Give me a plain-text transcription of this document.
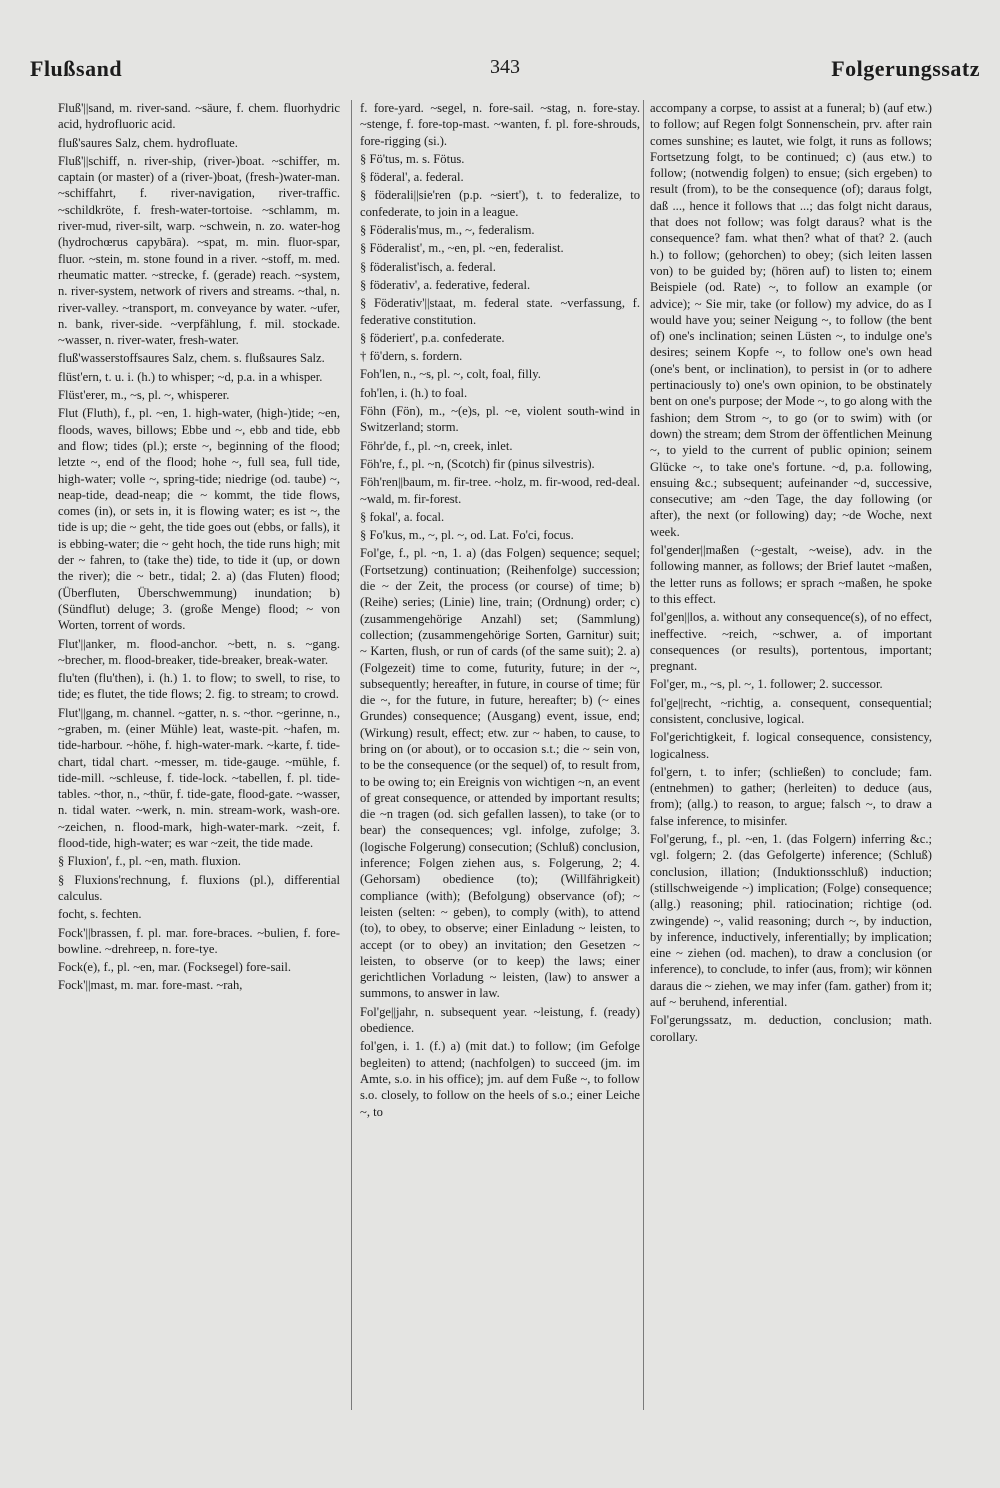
Flußsand	343	Folgerungssatz

Fluß'||sand, m. river-sand. ~säure, f. chem. fluorhydric acid, hydrofluoric acid.

fluß'saures Salz, chem. hydrofluate.

Fluß'||schiff, n. river-ship, (river-)boat. ~schiffer, m. captain (or master) of a (river-)boat, (fresh-)water-man. ~schiffahrt, f. river-navigation, river-traffic. ~schildkröte, f. fresh-water-tortoise. ~schlamm, m. river-mud, river-silt, warp. ~schwein, n. zo. water-hog (hydrochœrus capybāra). ~spat, m. min. fluor-spar, fluor. ~stein, m. stone found in a river. ~stoff, m. med. rheumatic matter. ~strecke, f. (gerade) reach. ~system, n. river-system, network of rivers and streams. ~thal, n. river-valley. ~transport, m. conveyance by water. ~ufer, n. bank, river-side. ~verpfählung, f. mil. stockade. ~wasser, n. river-water, fresh-water.

fluß'wasserstoffsaures Salz, chem. s. flußsaures Salz.

flüst'ern, t. u. i. (h.) to whisper; ~d, p.a. in a whisper.

Flüst'erer, m., ~s, pl. ~, whisperer.

Flut (Fluth), f., pl. ~en, 1. high-water, (high-)tide; ~en, floods, waves, billows; Ebbe und ~, ebb and tide, ebb and flow; tides (pl.); erste ~, beginning of the flood; letzte ~, end of the flood; hohe ~, full sea, full tide, high-water; volle ~, spring-tide; niedrige (od. taube) ~, neap-tide, dead-neap; die ~ kommt, the tide flows, comes (in), or sets in, it is flowing water; es ist ~, the tide is up; die ~ geht, the tide goes out (ebbs, or falls), it is ebbing-water; die ~ geht hoch, the tide runs high; mit der ~ fahren, to (take the) tide, to tide it (up, or down the river); die ~ betr., tidal; 2. a) (das Fluten) flood; (Überfluten, Überschwemmung) inundation; b) (Sündflut) deluge; 3. (große Menge) flood; ~ von Worten, torrent of words.

Flut'||anker, m. flood-anchor. ~bett, n. s. ~gang. ~brecher, m. flood-breaker, tide-breaker, break-water.

flu'ten (flu'then), i. (h.) 1. to flow; to swell, to rise, to tide; es flutet, the tide flows; 2. fig. to stream; to crowd.

Flut'||gang, m. channel. ~gatter, n. s. ~thor. ~gerinne, n., ~graben, m. (einer Mühle) leat, waste-pit. ~hafen, m. tide-harbour. ~höhe, f. high-water-mark. ~karte, f. tide-chart, tidal chart. ~messer, m. tide-gauge. ~mühle, f. tide-mill. ~schleuse, f. tide-lock. ~tabellen, f. pl. tide-tables. ~thor, n., ~thür, f. tide-gate, flood-gate. ~wasser, n. tidal water. ~werk, n. min. stream-work, wash-ore. ~zeichen, n. flood-mark, high-water-mark. ~zeit, f. flood-tide, high-water; es war ~zeit, the tide made.

§ Fluxion', f., pl. ~en, math. fluxion.

§ Fluxions'rechnung, f. fluxions (pl.), differential calculus.

focht, s. fechten.

Fock'||brassen, f. pl. mar. fore-braces. ~bulien, f. fore-bowline. ~drehreep, n. fore-tye.

Fock(e), f., pl. ~en, mar. (Focksegel) fore-sail.

Fock'||mast, m. mar. fore-mast. ~rah,

f. fore-yard. ~segel, n. fore-sail. ~stag, n. fore-stay. ~stenge, f. fore-top-mast. ~wanten, f. pl. fore-shrouds, fore-rigging (si.).

§ Fö'tus, m. s. Fötus.

§ föderal', a. federal.

§ föderali||sie'ren (p.p. ~siert'), t. to federalize, to confederate, to join in a league.

§ Föderalis'mus, m., ~, federalism.

§ Föderalist', m., ~en, pl. ~en, federalist.

§ föderalist'isch, a. federal.

§ föderativ', a. federative, federal.

§ Föderativ'||staat, m. federal state. ~verfassung, f. federative constitution.

§ föderiert', p.a. confederate.

† fö'dern, s. fordern.

Foh'len, n., ~s, pl. ~, colt, foal, filly.

foh'len, i. (h.) to foal.

Föhn (Fön), m., ~(e)s, pl. ~e, violent south-wind in Switzerland; storm.

Föhr'de, f., pl. ~n, creek, inlet.

Föh're, f., pl. ~n, (Scotch) fir (pinus silvestris).

Föh'ren||baum, m. fir-tree. ~holz, m. fir-wood, red-deal. ~wald, m. fir-forest.

§ fokal', a. focal.

§ Fo'kus, m., ~, pl. ~, od. Lat. Fo'ci, focus.

Fol'ge, f., pl. ~n, 1. a) (das Folgen) sequence; sequel; (Fortsetzung) continuation; (Reihenfolge) succession; die ~ der Zeit, the process (or course) of time; b) (Reihe) series; (Linie) line, train; (Ordnung) order; c) (zusammengehörige Anzahl) set; (Sammlung) collection; (zusammengehörige Sorten, Garnitur) suit; ~ Karten, flush, or run of cards (of the same suit); 2. a) (Folgezeit) time to come, futurity, future; in der ~, subsequently; hereafter, in future, in course of time; für die ~, for the future, in future, hereafter; b) (~ eines Grundes) consequence; (Ausgang) event, issue, end; (Wirkung) result, effect; etw. zur ~ haben, to cause, to bring on (or about), or to occasion s.t.; die ~ sein von, to be the consequence (or the sequel) of, to result from, to be owing to; ein Ereignis von wichtigen ~n, an event of great consequence, or attended by important results; die ~n tragen (od. sich gefallen lassen), to take (or to bear) the consequences; vgl. infolge, zufolge; 3. (logische Folgerung) consecution; (Schluß) conclusion, inference; Folgen ziehen aus, s. Folgerung, 2; 4. (Gehorsam) obedience (to); (Willfährigkeit) compliance (with); (Befolgung) observance (of); ~ leisten (selten: ~ geben), to comply (with), to attend (to), to obey, to observe; einer Einladung ~ leisten, to accept (or to obey) an invitation; den Gesetzen ~ leisten, to observe (or to keep) the laws; einer gerichtlichen Vorladung ~ leisten, (law) to answer a summons, to answer in law.

Fol'ge||jahr, n. subsequent year. ~leistung, f. (ready) obedience.

fol'gen, i. 1. (f.) a) (mit dat.) to follow; (im Gefolge begleiten) to attend; (nachfolgen) to succeed (jm. im Amte, s.o. in his office); jm. auf dem Fuße ~, to follow s.o. closely, to follow on the heels of s.o.; einer Leiche ~, to

accompany a corpse, to assist at a funeral; b) (auf etw.) to follow; auf Regen folgt Sonnenschein, prv. after rain comes sunshine; es lautet, wie folgt, it runs as follows; Fortsetzung folgt, to be continued; c) (aus etw.) to follow; (notwendig folgen) to ensue; (sich ergeben) to result (from), to be the consequence (of); daraus folgt, daß ..., hence it follows that ...; das folgt nicht daraus, that does not follow; was folgt daraus? what is the consequence? fam. what then? what of that? 2. (auch h.) to follow; (gehorchen) to obey; (sich leiten lassen von) to be guided by; (hören auf) to listen to; einem Beispiele (od. Rate) ~, to follow an example (or advice); ~ Sie mir, take (or follow) my advice, do as I would have you; seiner Neigung ~, to follow (the bent of) one's inclination; seinen Lüsten ~, to indulge one's desires; seinem Kopfe ~, to follow one's own head (one's bent, or inclination), to persist in (or to adhere pertinaciously to) one's own opinion, to be obstinately bent on one's purpose; der Mode ~, to go along with the fashion; dem Strom ~, to go (or to swim) with (or down) the stream; dem Strom der öffentlichen Meinung ~, to yield to the current of public opinion; seinem Glücke ~, to take one's fortune. ~d, p.a. following, ensuing &c.; subsequent; aufeinander ~d, successive, consecutive; am ~den Tage, the day following (or after), the next (or following) day; ~de Woche, next week.

fol'gender||maßen (~gestalt, ~weise), adv. in the following manner, as follows; der Brief lautet ~maßen, the letter runs as follows; er sprach ~maßen, he spoke to this effect.

fol'gen||los, a. without any consequence(s), of no effect, ineffective. ~reich, ~schwer, a. of important consequences (or results), portentous, important; pregnant.

Fol'ger, m., ~s, pl. ~, 1. follower; 2. successor.

fol'ge||recht, ~richtig, a. consequent, consequential; consistent, conclusive, logical.

Fol'gerichtigkeit, f. logical consequence, consistency, logicalness.

fol'gern, t. to infer; (schließen) to conclude; fam. (entnehmen) to gather; (herleiten) to deduce (aus, from); (allg.) to reason, to argue; falsch ~, to draw a false inference, to misinfer.

Fol'gerung, f., pl. ~en, 1. (das Folgern) inferring &c.; vgl. folgern; 2. (das Gefolgerte) inference; (Schluß) conclusion, illation; (Induktionsschluß) induction; (stillschweigende ~) implication; (Folge) consequence; (allg.) reasoning; phil. ratiocination; richtige (od. zwingende) ~, valid reasoning; durch ~, by induction, by inference, inductively, inferentially; by implication; eine ~ ziehen (od. machen), to draw a conclusion (or inference), to conclude, to infer (aus, from); wir können daraus die ~ ziehen, we may infer (fam. gather) from it; auf ~ beruhend, inferential.

Fol'gerungssatz, m. deduction, conclusion; math. corollary.
